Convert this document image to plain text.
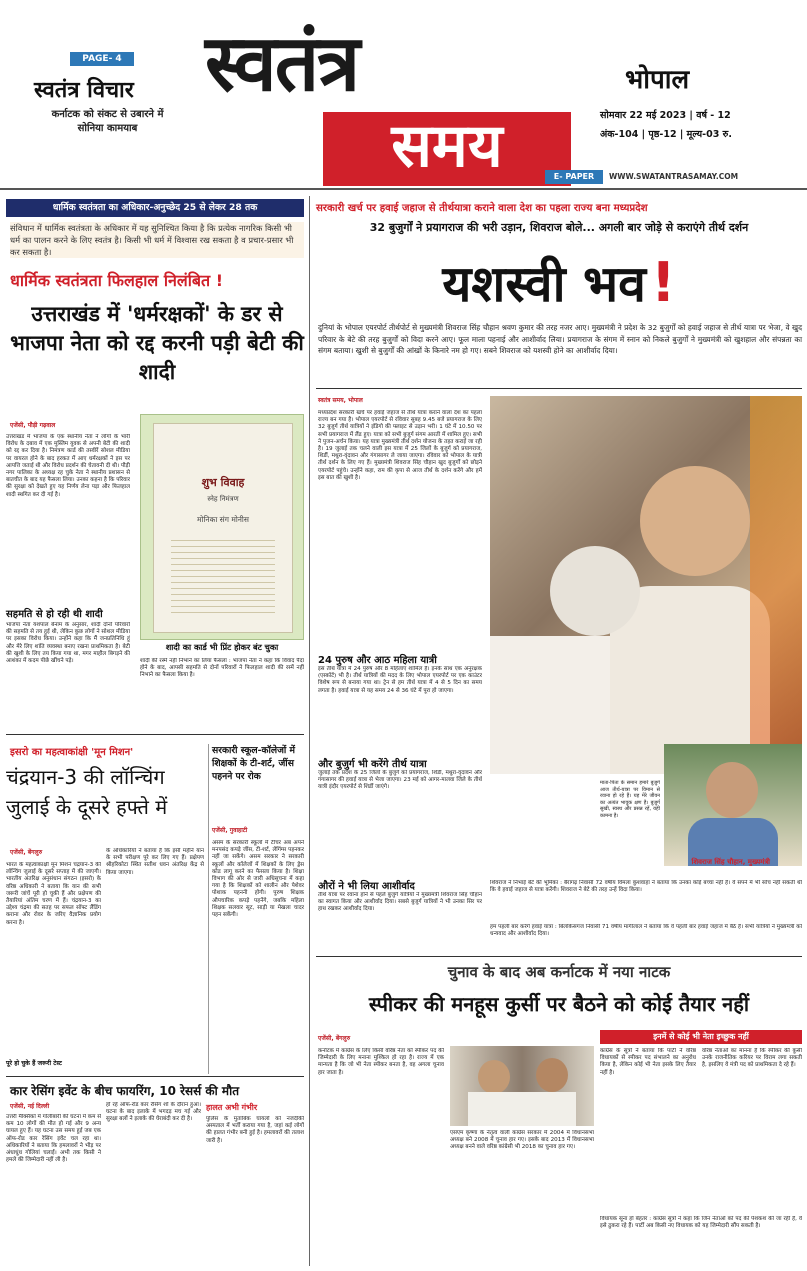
PAGE- 4
स्वतंत्र विचार
कर्नाटक को संकट से उबारने में सोनिया कामयाब
स्वतंत्र
समय
भोपाल
सोमवार 22 मई 2023 | वर्ष - 12
अंक-104 | पृष्ठ-12 | मूल्य-03 रु.
E- PAPER	WWW.SWATANTRASAMAY.COM
धार्मिक स्वतंत्रता का अधिकार-अनुच्छेद 25 से लेकर 28 तक
संविधान में धार्मिक स्वतंत्रता के अधिकार में यह सुनिश्चित किया है कि प्रत्येक नागरिक किसी भी धर्म का पालन करने के लिए स्वतंत्र है। किसी भी धर्म में विश्वास रख सकता है व प्रचार-प्रसार भी कर सकता है।
धार्मिक स्वतंत्रता फिलहाल निलंबित !
उत्तराखंड में 'धर्मरक्षकों' के डर से भाजपा नेता को रद्द करनी पड़ी बेटी की शादी
एजेंसी, पौड़ी गढ़वाल
उत्तराखंड में भाजपा के एक स्थानीय नेता ने लोगों के भारी विरोध के दबाव में एक मुस्लिम युवक से अपनी बेटी की शादी को रद्द कर दिया है। निमंत्रण कार्ड की तस्वीरें सोशल मीडिया पर वायरल होने के बाद हरकत में आए धर्मरक्षकों ने इस पर आपत्ति जताई थी और विरोध प्रदर्शन की चेतावनी दी थी। पौड़ी नगर पालिका के अध्यक्ष रह चुके नेता ने स्थानीय प्रशासन से बातचीत के बाद यह फैसला लिया। उनका कहना है कि परिवार की सुरक्षा को देखते हुए यह निर्णय लेना पड़ा और फिलहाल शादी स्थगित कर दी गई है।
सहमति से हो रही थी शादी
भाजपा नेता यशपाल बेनाम के अनुसार, शादी दोनों परिवारों की सहमति से तय हुई थी, लेकिन कुछ लोगों ने सोशल मीडिया पर इसका विरोध किया। उन्होंने कहा कि मैं जनप्रतिनिधि हूं और मेरे लिए शांति व्यवस्था बनाए रखना प्राथमिकता है। बेटी की खुशी के लिए तय किया गया था, मगर माहौल बिगड़ने की आशंका में कदम पीछे खींचने पड़े।
शुभ विवाह
स्नेह निमंत्रण
मोनिका संग मोनीस
शादी का कार्ड भी प्रिंट होकर बंट चुका
शादी की रस्में नहीं निभाने का लिया फैसला : भाजपा नेता ने कहा कि विवाद पैदा होने के बाद, आपसी सहमति से दोनों परिवारों ने फिलहाल शादी की रस्में नहीं निभाने का फैसला किया है।
इसरो का महत्वाकांक्षी 'मून मिशन'
चंद्रयान-3 की लॉन्चिंग जुलाई के दूसरे हफ्ते में
एजेंसी, बेंगलुरु
भारत के महत्वाकांक्षी मून मिशन चंद्रयान-3 की लॉन्चिंग जुलाई के दूसरे सप्ताह में की जाएगी। भारतीय अंतरिक्ष अनुसंधान संगठन (इसरो) के वरिष्ठ अधिकारी ने बताया कि यान की सभी जरूरी जांचें पूरी हो चुकी हैं और प्रक्षेपण की तैयारियां अंतिम चरण में हैं। चंद्रयान-3 का उद्देश्य चंद्रमा की सतह पर सफल सॉफ्ट लैंडिंग कराना और रोवर के जरिए वैज्ञानिक प्रयोग करना है।
के अधिकारियों ने बताया है कि इसी महीने यान के सभी परीक्षण पूरे कर लिए गए हैं। प्रक्षेपण श्रीहरिकोटा स्थित सतीश धवन अंतरिक्ष केंद्र से किया जाएगा।
पूरे हो चुके हैं जरूरी टेस्ट
सरकारी स्कूल-कॉलेजों में शिक्षकों के टी-शर्ट, जींस पहनने पर रोक
एजेंसी, गुवाहाटी
असम के सरकारी स्कूलों में टीचर अब अपने मनपसंद कपड़े जींस, टी-शर्ट, लेगिंग्स पहनकर नहीं जा सकेंगे। असम सरकार ने सरकारी स्कूलों और कॉलेजों में शिक्षकों के लिए ड्रेस कोड लागू करने का फैसला किया है। शिक्षा विभाग की ओर से जारी अधिसूचना में कहा गया है कि शिक्षकों को शालीन और पेशेवर पोशाक पहननी होगी। पुरुष शिक्षक औपचारिक कपड़े पहनेंगे, जबकि महिला शिक्षक सलवार सूट, साड़ी या मेखला चादर पहन सकेंगी।
कार रेसिंग इवेंट के बीच फायरिंग, 10 रेसर्स की मौत
एजेंसी, नई दिल्ली
उत्तरी मैक्सिको में गोलीबारी की घटना में कम से कम 10 लोगों की मौत हो गई और 9 अन्य घायल हुए हैं। यह घटना उस समय हुई जब एक ऑफ-रोड कार रेसिंग इवेंट चल रहा था। अधिकारियों ने बताया कि हमलावरों ने भीड़ पर अंधाधुंध गोलियां चलाईं। अभी तक किसी ने हमले की जिम्मेदारी नहीं ली है।
हो रहे ऑफ-रोड कार रेसिंग शो के दौरान हुआ। घटना के बाद इलाके में भगदड़ मच गई और सुरक्षा बलों ने इलाके की घेराबंदी कर दी है।
हालत अभी गंभीर
पुलिस के मुताबिक घायलों को नजदीकी अस्पताल में भर्ती कराया गया है, जहां कई लोगों की हालत गंभीर बनी हुई है। हमलावरों की तलाश जारी है।
सरकारी खर्च पर हवाई जहाज से तीर्थयात्रा कराने वाला देश का पहला राज्य बना मध्यप्रदेश
32 बुजुर्गों ने प्रयागराज की भरी उड़ान, शिवराज बोले... अगली बार जोड़े से कराएंगे तीर्थ दर्शन
यशस्वी भव !
दुनियां के भोपाल एयरपोर्ट तीर्थपोर्ट से मुख्यमंत्री शिवराज सिंह चौहान श्रवण कुमार की तरह नजर आए। मुख्यमंत्री ने प्रदेश के 32 बुजुर्गों को हवाई जहाज से तीर्थ यात्रा पर भेजा, वे खुद परिवार के बेटे की तरह बुजुर्गों को विदा करने आए। फूल माला पहनाई और आशीर्वाद लिया। प्रयागराज के संगम में स्नान को निकले बुजुर्गों ने मुख्यमंत्री को खुशहाल और संपन्नता का संगम बताया। खुशी से बुजुर्गों की आंखों के किनारे नम हो गए। सबने शिवराज को यशस्वी होने का आशीर्वाद दिया।
स्वतंत्र समय, भोपाल
मध्यप्रदेश सरकारी खर्च पर हवाई जहाज से तीर्थ यात्रा कराने वाला देश का पहला राज्य बन गया है। भोपाल एयरपोर्ट से रविवार सुबह 9.45 बजे प्रयागराज के लिए 32 बुजुर्ग तीर्थ यात्रियों ने इंडिगो की फ्लाइट से उड़ान भरी। 1 घंटे में 10.50 पर सभी प्रयागराज में लैंड हुए। यात्रा को सभी बुजुर्ग संगम आरती में शामिल हुए। सभी ने पुजन-अर्चन किया। यह यात्रा मुख्यमंत्री तीर्थ दर्शन योजना के तहत कराई जा रही है। 19 जुलाई तक चलने वाली इस यात्रा में 25 जिलों के बुजुर्ग को प्रयागराज, शिर्डी, मथुरा-वृंदावन और गंगासागर ले जाया जाएगा। रविवार को भोपाल के यात्री तीर्थ दर्शन के लिए गए हैं। मुख्यमंत्री शिवराज सिंह चौहान खुद बुजुर्गों को छोड़ने एयरपोर्ट पहुंचे। उन्होंने कहा, राम की कृपा से आज तीर्थ के दर्शन करेंगे और हमें इस बात की खुशी है।
24 पुरुष और आठ महिला यात्री
इस तीर्थ यात्रा में 24 पुरुष और 8 महिलाएं शामिल हैं। इनके साथ एक अनुरक्षक (एस्कॉर्ट) भी है। तीर्थ यात्रियों की मदद के लिए भोपाल एयरपोर्ट पर एक काउंटर विशेष रूप से बनाया गया था। ट्रेन से हम तीर्थ यात्रा में 4 से 5 दिन का समय लगता है। हवाई यात्रा से यह समय 24 से 36 घंटे में पूरा हो जाएगा।
और बुजुर्ग भी करेंगे तीर्थ यात्रा
जुलाई तक प्रदेश के 25 जिलों के बुजुर्ग को प्रयागराज, शिर्डी, मथुरा-वृंदावन और गंगासागर की हवाई यात्रा से भेजा जाएगा। 23 मई को आगर-मालवा जिले के तीर्थ यात्री इंदौर एयरपोर्ट से शिर्डी जाएंगे।
औरों ने भी लिया आशीर्वाद
तीर्थ यात्रा पर रवाना होने से पहले बुजुर्ग यात्रियों ने मुख्यमंत्री शिवराज सिंह चौहान का स्वागत किया और आशीर्वाद दिया। सबसे बुजुर्ग यात्रियों ने भी उनका सिर पर हाथ रखकर आशीर्वाद दिया।
माता-पिता के समान हमारे बुजुर्ग आज तीर्थ-यात्रा पर विमान से रवाना हो रहे हैं। यह मेरे जीवन का अत्यंत भावुक क्षण है। बुजुर्ग सुखी, स्वस्थ और प्रसन्न रहें, यही कामना है।
शिवराज सिंह चौहान, मुख्यमंत्री
शिवराज ने निभाई बेटे की भूमिका : बैरागढ़ निवासी 72 वर्षीय विमला कुशवाहा ने बताया कि उनका कोई बच्चा नहीं है। वे सपने में भी सोच नहीं सकती थीं कि वे हवाई जहाज से यात्रा करेंगी। शिवराज ने बेटे की तरह उन्हें विदा किया।
हम पहली बार करेंगे हवाई यात्रा : बिलकिसगंज निवासी 71 वर्षीय मांगीलाल ने बताया कि वे पहली बार हवाई जहाज में बैठे हैं। सभी यात्रियों ने मुख्यमंत्री को धन्यवाद और आशीर्वाद दिया।
चुनाव के बाद अब कर्नाटक में नया नाटक
स्पीकर की मनहूस कुर्सी पर बैठने को कोई तैयार नहीं
एजेंसी, बेंगलुरु	इनमें से कोई भी नेता इच्छुक नहीं
कर्नाटक में कांग्रेस के लिए किसी वरिष्ठ नेता को स्पीकर पद की जिम्मेदारी के लिए मनाना मुश्किल हो रहा है। राज्य में एक मान्यता है कि जो भी नेता स्पीकर बनता है, वह अगला चुनाव हार जाता है।
एसएम कृष्णा के नेतृत्व वाली कांग्रेस सरकार में 2004 में विधानसभा अध्यक्ष बने 2008 में चुनाव हार गए। इसके बाद 2013 में विधानसभा अध्यक्ष बनने वाले वरिष्ठ कांग्रेसी भी 2018 का चुनाव हार गए।
कांग्रेस के सूत्रों ने बताया कि पार्टी ने वरिष्ठ विधायकों से स्पीकर पद संभालने का अनुरोध किया है, लेकिन कोई भी नेता इसके लिए तैयार नहीं है।
वरिष्ठ नेताओं का मानना है कि स्पीकर की कुर्सी उनके राजनीतिक करियर पर विराम लगा सकती है, इसलिए वे मंत्री पद को प्राथमिकता दे रहे हैं।
विधायक सूना हो बेहतर : कांग्रेस सूत्रों ने कहा कि जिन नेताओं को पद की पेशकश की जा रही है, वे इसे ठुकरा रहे हैं। पार्टी अब किसी नए विधायक को यह जिम्मेदारी सौंप सकती है।
